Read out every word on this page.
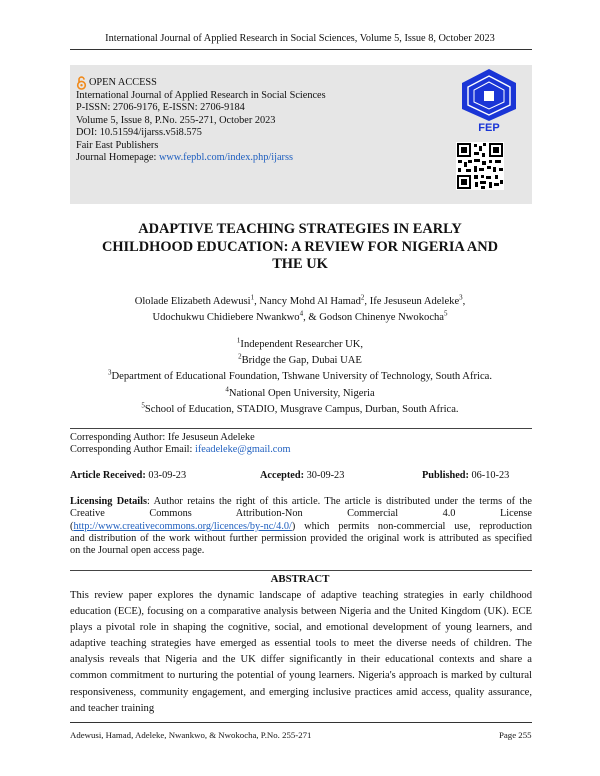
International Journal of Applied Research in Social Sciences, Volume 5, Issue 8, October 2023
OPEN ACCESS
International Journal of Applied Research in Social Sciences
P-ISSN: 2706-9176, E-ISSN: 2706-9184
Volume 5, Issue 8, P.No. 255-271, October 2023
DOI: 10.51594/ijarss.v5i8.575
Fair East Publishers
Journal Homepage: www.fepbl.com/index.php/ijarss
FEP
ADAPTIVE TEACHING STRATEGIES IN EARLY
CHILDHOOD EDUCATION: A REVIEW FOR NIGERIA AND
THE UK
Ololade Elizabeth Adewusi$^1$, Nancy Mohd Al Hamad$^2$, Ife Jesuseun Adeleke$^3$,
Udochukwu Chidiebere Nwankwo$^4$, & Godson Chinenye Nwokocha$^5$
$^1$Independent Researcher UK,
$^2$Bridge the Gap, Dubai UAE
$^3$Department of Educational Foundation, Tshwane University of Technology, South Africa.
$^4$National Open University, Nigeria
$^5$School of Education, STADIO, Musgrave Campus, Durban, South Africa.
Corresponding Author: Ife Jesuseun Adeleke
Corresponding Author Email: ifeadeleke@gmail.com
Article Received: 03-09-23	Accepted: 30-09-23	Published: 06-10-23
Licensing Details: Author retains the right of this article. The article is distributed under the terms of the
Creative Commons Attribution-Non Commercial 4.0 License
(http://www.creativecommons.org/licences/by-nc/4.0/) which permits non-commercial use, reproduction
and distribution of the work without further permission provided the original work is attributed as specified
on the Journal open access page.
ABSTRACT
This review paper explores the dynamic landscape of adaptive teaching strategies in early childhood education (ECE), focusing on a comparative analysis between Nigeria and the United Kingdom (UK). ECE plays a pivotal role in shaping the cognitive, social, and emotional development of young learners, and adaptive teaching strategies have emerged as essential tools to meet the diverse needs of children. The analysis reveals that Nigeria and the UK differ significantly in their educational contexts and share a common commitment to nurturing the potential of young learners. Nigeria's approach is marked by cultural responsiveness, community engagement, and emerging inclusive practices amid access, quality assurance, and teacher training
Adewusi, Hamad, Adeleke, Nwankwo, & Nwokocha, P.No. 255-271	Page 255
